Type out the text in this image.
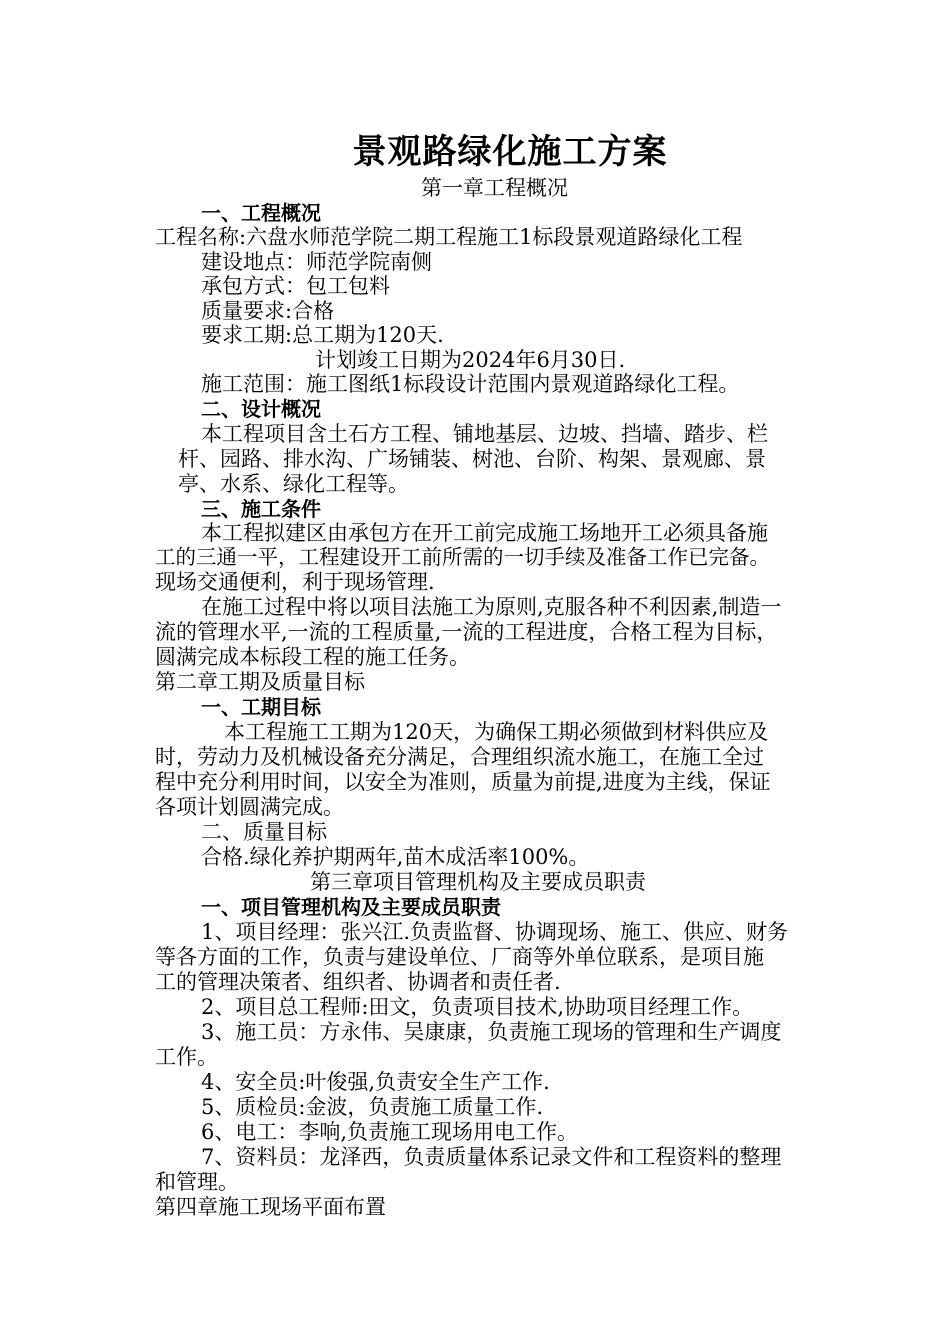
景观路绿化施工方案
第一章工程概况
一、工程概况
工程名称:六盘水师范学院二期工程施工1标段景观道路绿化工程
建设地点：师范学院南侧
承包方式：包工包料
质量要求:合格
要求工期:总工期为120天.
计划竣工日期为2024年6月30日.
施工范围：施工图纸1标段设计范围内景观道路绿化工程。
二、设计概况
本工程项目含土石方工程、铺地基层、边坡、挡墙、踏步、栏
杆、园路、排水沟、广场铺装、树池、台阶、构架、景观廊、景
亭、水系、绿化工程等。
三、施工条件
本工程拟建区由承包方在开工前完成施工场地开工必须具备施
工的三通一平，工程建设开工前所需的一切手续及准备工作已完备。
现场交通便利，利于现场管理.
在施工过程中将以项目法施工为原则,克服各种不利因素,制造一
流的管理水平,一流的工程质量,一流的工程进度，合格工程为目标，
圆满完成本标段工程的施工任务。
第二章工期及质量目标
一、工期目标
本工程施工工期为120天，为确保工期必须做到材料供应及
时，劳动力及机械设备充分满足，合理组织流水施工，在施工全过
程中充分利用时间，以安全为准则，质量为前提,进度为主线，保证
各项计划圆满完成。
二、质量目标
合格.绿化养护期两年,苗木成活率100%。
第三章项目管理机构及主要成员职责
一、项目管理机构及主要成员职责
1、项目经理：张兴江.负责监督、协调现场、施工、供应、财务
等各方面的工作，负责与建设单位、厂商等外单位联系，是项目施
工的管理决策者、组织者、协调者和责任者.
2、项目总工程师:田文，负责项目技术,协助项目经理工作。
3、施工员：方永伟、吴康康，负责施工现场的管理和生产调度
工作。
4、安全员:叶俊强,负责安全生产工作.
5、质检员:金波，负责施工质量工作.
6、电工：李响,负责施工现场用电工作。
7、资料员：龙泽西，负责质量体系记录文件和工程资料的整理
和管理。
第四章施工现场平面布置
